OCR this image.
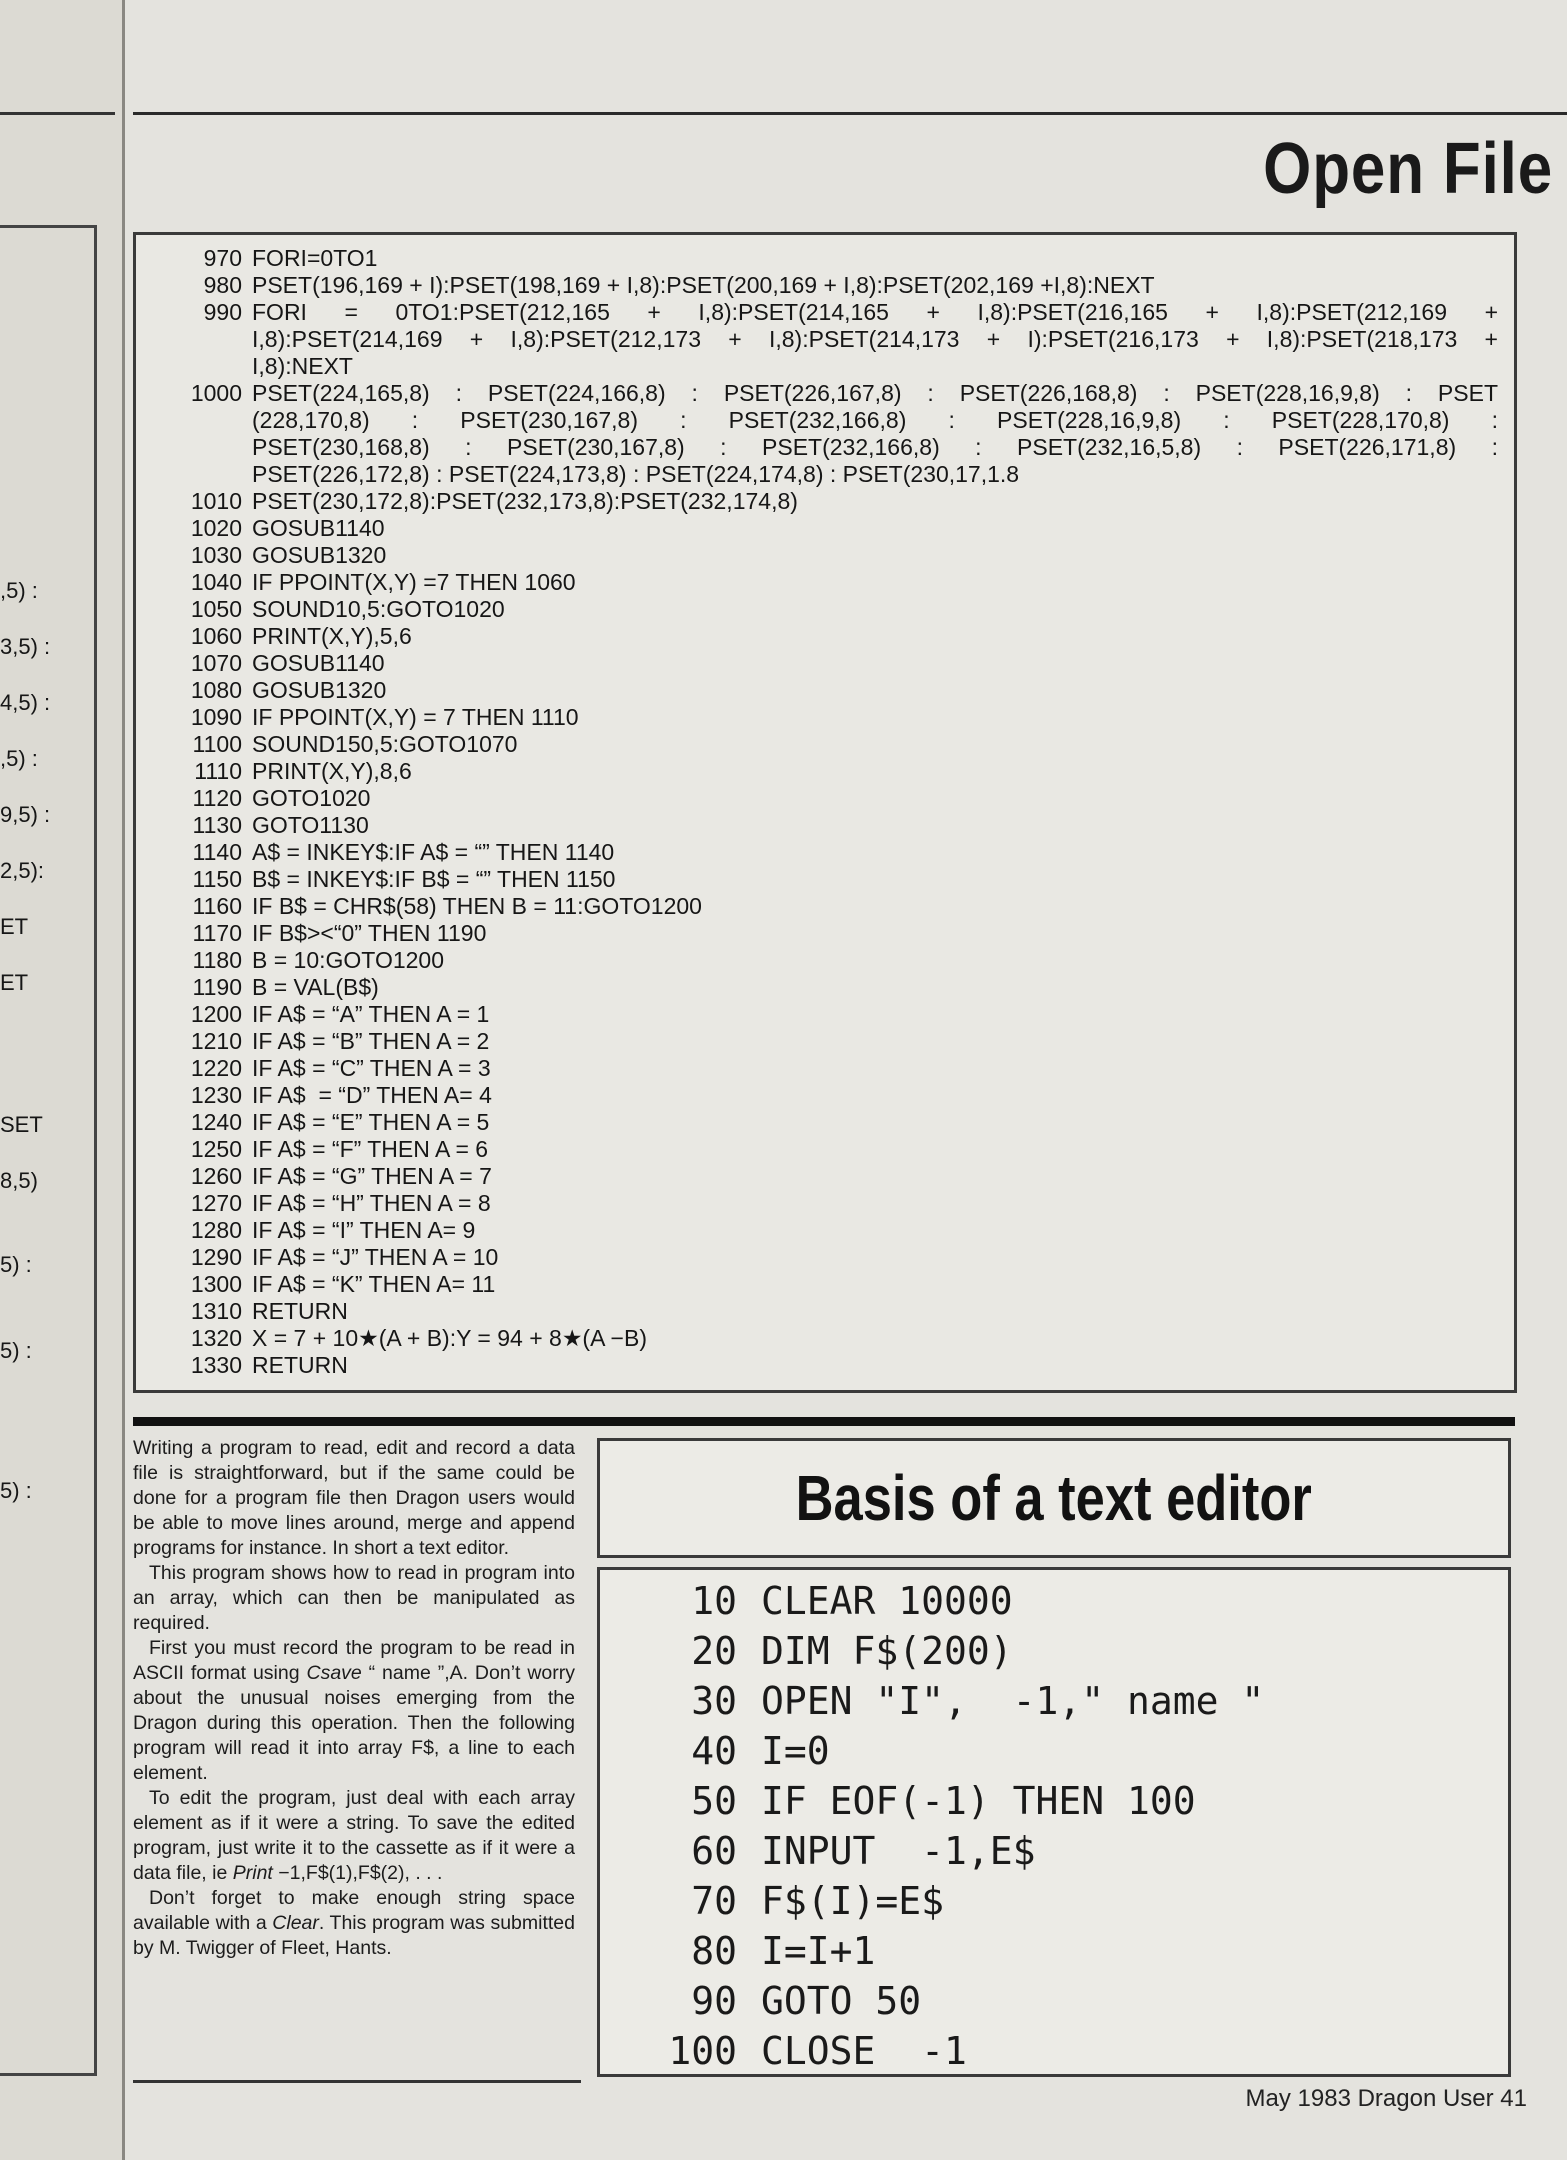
,5) :
3,5) :
4,5) :
,5) :
9,5) :
2,5):
ET
ET
SET
8,5)
5) :
5) :
5) :
Open File
970 FORI=0TO1
980 PSET(196,169 + I):PSET(198,169 + I,8):PSET(200,169 + I,8):PSET(202,169 +I,8):NEXT
990 FORI = 0TO1:PSET(212,165 + I,8):PSET(214,165 + I,8):PSET(216,165 + I,8):PSET(212,169 +
I,8):PSET(214,169 + I,8):PSET(212,173 + I,8):PSET(214,173 + I):PSET(216,173 + I,8):PSET(218,173 +
I,8):NEXT
1000 PSET(224,165,8) : PSET(224,166,8) : PSET(226,167,8) : PSET(226,168,8) : PSET(228,16,9,8) : PSET
(228,170,8) : PSET(230,167,8) : PSET(232,166,8) : PSET(228,16,9,8) : PSET(228,170,8) :
PSET(230,168,8) : PSET(230,167,8) : PSET(232,166,8) : PSET(232,16,5,8) : PSET(226,171,8) :
PSET(226,172,8) : PSET(224,173,8) : PSET(224,174,8) : PSET(230,17,1.8
1010 PSET(230,172,8):PSET(232,173,8):PSET(232,174,8)
1020 GOSUB1140
1030 GOSUB1320
1040 IF PPOINT(X,Y) =7 THEN 1060
1050 SOUND10,5:GOTO1020
1060 PRINT(X,Y),5,6
1070 GOSUB1140
1080 GOSUB1320
1090 IF PPOINT(X,Y) = 7 THEN 1110
1100 SOUND150,5:GOTO1070
1110 PRINT(X,Y),8,6
1120 GOTO1020
1130 GOTO1130
1140 A$ = INKEY$:IF A$ = “” THEN 1140
1150 B$ = INKEY$:IF B$ = “” THEN 1150
1160 IF B$ = CHR$(58) THEN B = 11:GOTO1200
1170 IF B$><“0” THEN 1190
1180 B = 10:GOTO1200
1190 B = VAL(B$)
1200 IF A$ = “A” THEN A = 1
1210 IF A$ = “B” THEN A = 2
1220 IF A$ = “C” THEN A = 3
1230 IF A$  = “D” THEN A= 4
1240 IF A$ = “E” THEN A = 5
1250 IF A$ = “F” THEN A = 6
1260 IF A$ = “G” THEN A = 7
1270 IF A$ = “H” THEN A = 8
1280 IF A$ = “I” THEN A= 9
1290 IF A$ = “J” THEN A = 10
1300 IF A$ = “K” THEN A= 11
1310 RETURN
1320 X = 7 + 10★(A + B):Y = 94 + 8★(A −B)
1330 RETURN

Writing a program to read, edit and record a data file is straightforward, but if the same could be done for a program file then Dragon users would be able to move lines around, merge and append programs for instance. In short a text editor.

This program shows how to read in program into an array, which can then be manipulated as required.

First you must record the program to be read in ASCII format using Csave “ name ”,A. Don’t worry about the unusual noises emerging from the Dragon during this operation. Then the following program will read it into array F$, a line to each element.

To edit the program, just deal with each array element as if it were a string. To save the edited program, just write it to the cassette as if it were a data file, ie Print −1,F$(1),F$(2), . . .

Don’t forget to make enough string space available with a Clear. This program was submitted by M. Twigger of Fleet, Hants.

Basis of a text editor
10 CLEAR 10000
20 DIM F$(200)
30 OPEN "I",  -1," name "
40 I=0
50 IF EOF(-1) THEN 100
60 INPUT  -1,E$
70 F$(I)=E$
80 I=I+1
90 GOTO 50
100 CLOSE  -1
May 1983 Dragon User 41
